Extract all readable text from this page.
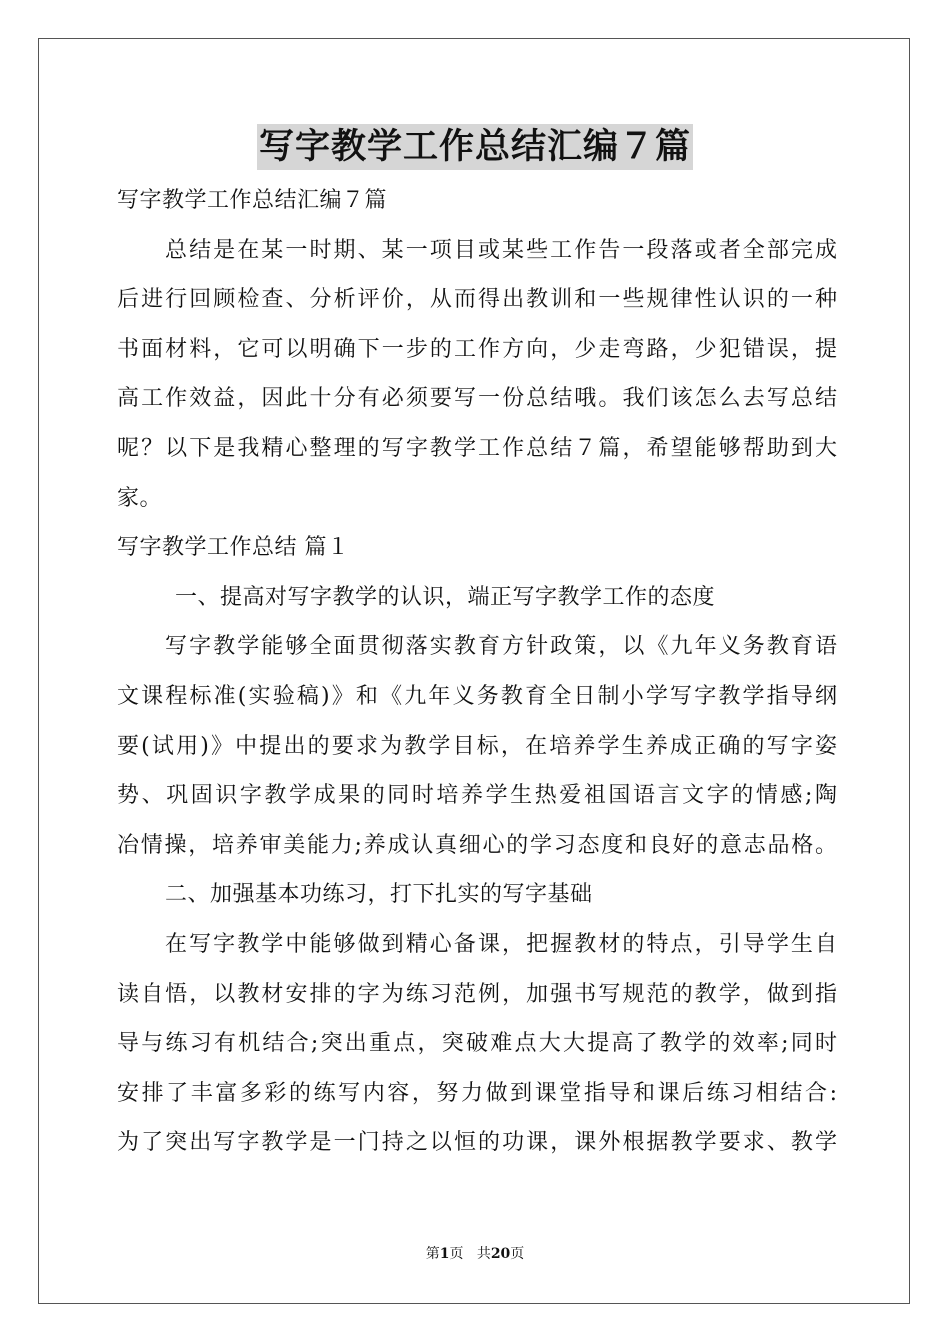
写字教学工作总结汇编７篇
写字教学工作总结汇编７篇
总结是在某一时期、某一项目或某些工作告一段落或者全部完成
后进行回顾检查、分析评价，从而得出教训和一些规律性认识的一种
书面材料，它可以明确下一步的工作方向，少走弯路，少犯错误，提
高工作效益，因此十分有必须要写一份总结哦。我们该怎么去写总结
呢？以下是我精心整理的写字教学工作总结７篇，希望能够帮助到大
家。
写字教学工作总结 篇１
一、提高对写字教学的认识，端正写字教学工作的态度
写字教学能够全面贯彻落实教育方针政策，以《九年义务教育语
文课程标准(实验稿)》和《九年义务教育全日制小学写字教学指导纲
要(试用)》中提出的要求为教学目标，在培养学生养成正确的写字姿
势、巩固识字教学成果的同时培养学生热爱祖国语言文字的情感;陶
冶情操，培养审美能力;养成认真细心的学习态度和良好的意志品格。
二、加强基本功练习，打下扎实的写字基础
在写字教学中能够做到精心备课，把握教材的特点，引导学生自
读自悟，以教材安排的字为练习范例，加强书写规范的教学，做到指
导与练习有机结合;突出重点，突破难点大大提高了教学的效率;同时
安排了丰富多彩的练写内容，努力做到课堂指导和课后练习相结合:
为了突出写字教学是一门持之以恒的功课，课外根据教学要求、教学
第1页 共20页
